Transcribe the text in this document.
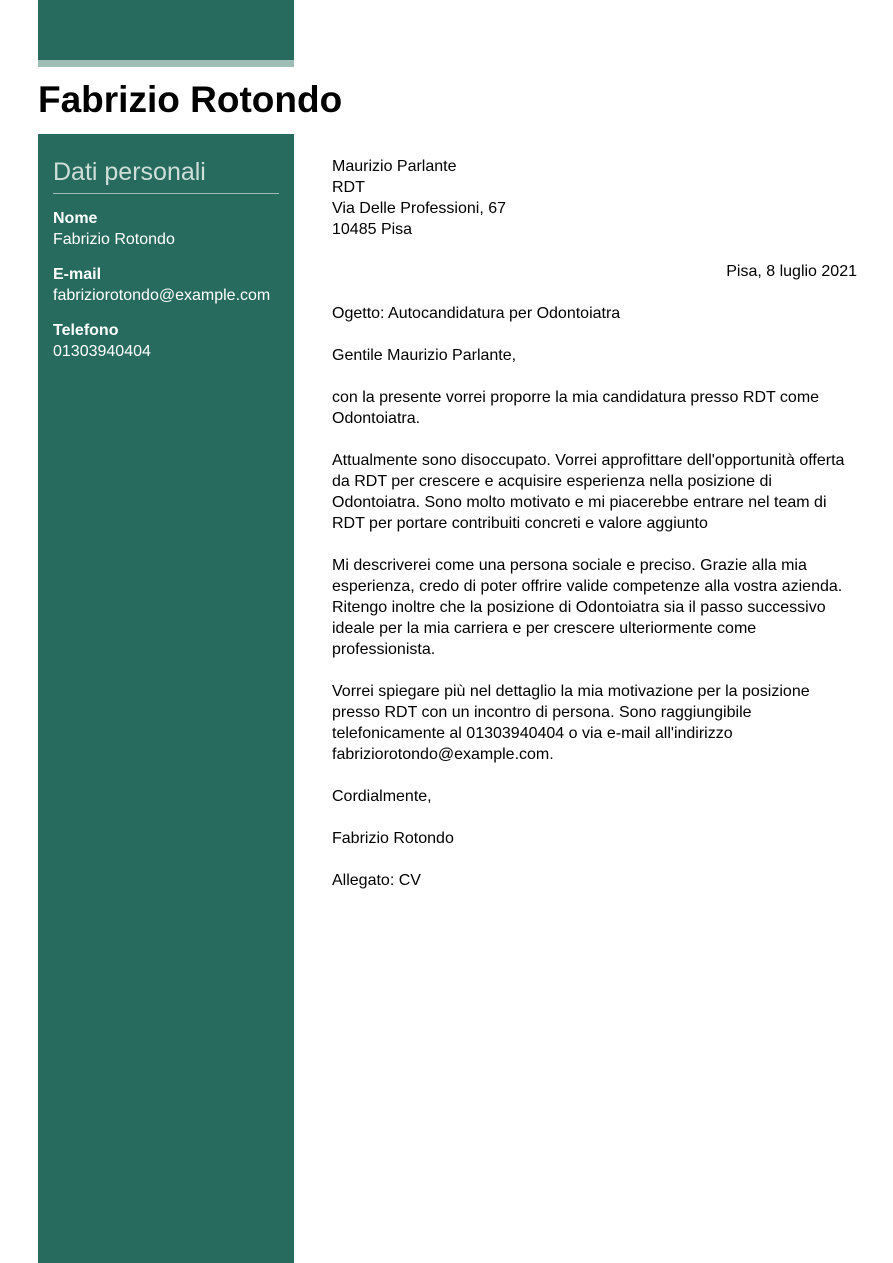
Fabrizio Rotondo
Dati personali
Nome
Fabrizio Rotondo
E-mail
fabriziorotondo@example.com
Telefono
01303940404

Maurizio Parlante
RDT
Via Delle Professioni, 67
10485 Pisa

Pisa, 8 luglio 2021

Ogetto: Autocandidatura per Odontoiatra

Gentile Maurizio Parlante,

con la presente vorrei proporre la mia candidatura presso RDT come Odontoiatra.

Attualmente sono disoccupato. Vorrei approfittare dell'opportunità offerta da RDT per crescere e acquisire esperienza nella posizione di Odontoiatra. Sono molto motivato e mi piacerebbe entrare nel team di RDT per portare contribuiti concreti e valore aggiunto

Mi descriverei come una persona sociale e preciso. Grazie alla mia esperienza, credo di poter offrire valide competenze alla vostra azienda. Ritengo inoltre che la posizione di Odontoiatra sia il passo successivo ideale per la mia carriera e per crescere ulteriormente come professionista.

Vorrei spiegare più nel dettaglio la mia motivazione per la posizione presso RDT con un incontro di persona. Sono raggiungibile telefonicamente al 01303940404 o via e-mail all'indirizzo fabriziorotondo@example.com.

Cordialmente,

Fabrizio Rotondo

Allegato: CV
